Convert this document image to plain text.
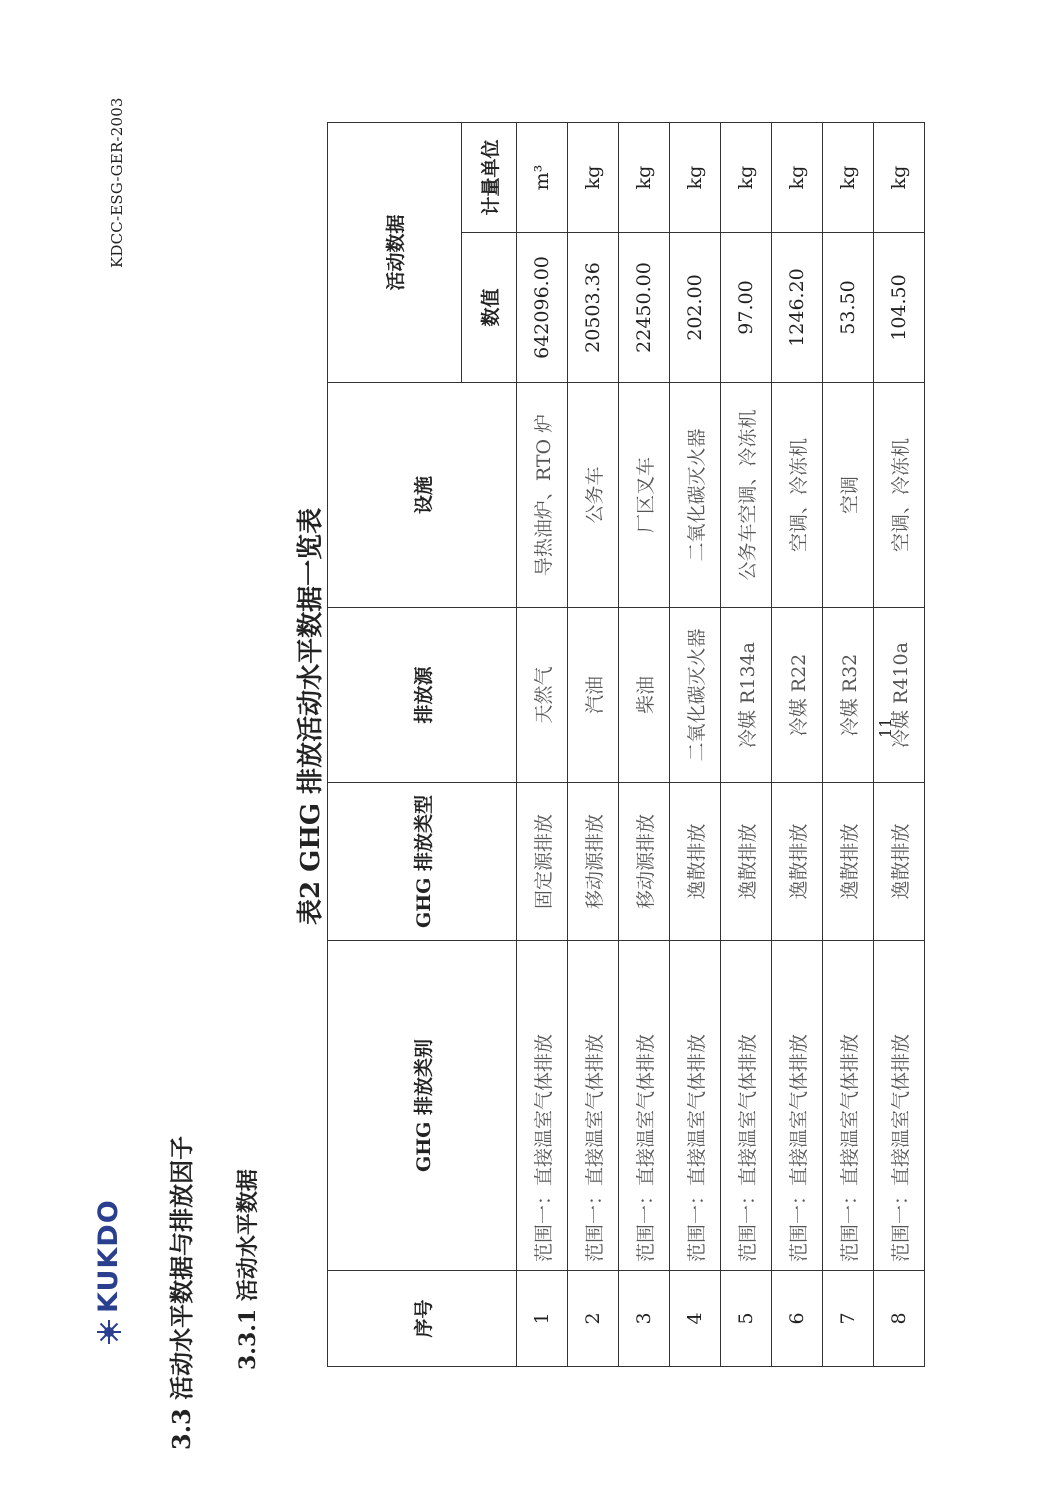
KDCC-ESG-GER-2003
KUKDO 3.3 活动水平数据与排放因子 3.3.1 活动水平数据
表2 GHG 排放活动水平数据一览表	11
序号	GHG 排放类别	GHG 排放类型	排放源	设施	活动数据	
					数值	计量单位
1	范围一：直接温室气体排放	固定源排放	天然气	导热油炉、RTO 炉	642096.00	m³
2	范围一：直接温室气体排放	移动源排放	汽油	公务车	20503.36	kg
3	范围一：直接温室气体排放	移动源排放	柴油	厂区叉车	22450.00	kg
4	范围一：直接温室气体排放	逸散排放	二氧化碳灭火器	二氧化碳灭火器	202.00	kg
5	范围一：直接温室气体排放	逸散排放	冷媒 R134a	公务车空调、冷冻机	97.00	kg
6	范围一：直接温室气体排放	逸散排放	冷媒 R22	空调、冷冻机	1246.20	kg
7	范围一：直接温室气体排放	逸散排放	冷媒 R32	空调	53.50	kg
8	范围一：直接温室气体排放	逸散排放	冷媒 R410a	空调、冷冻机	104.50	kg
